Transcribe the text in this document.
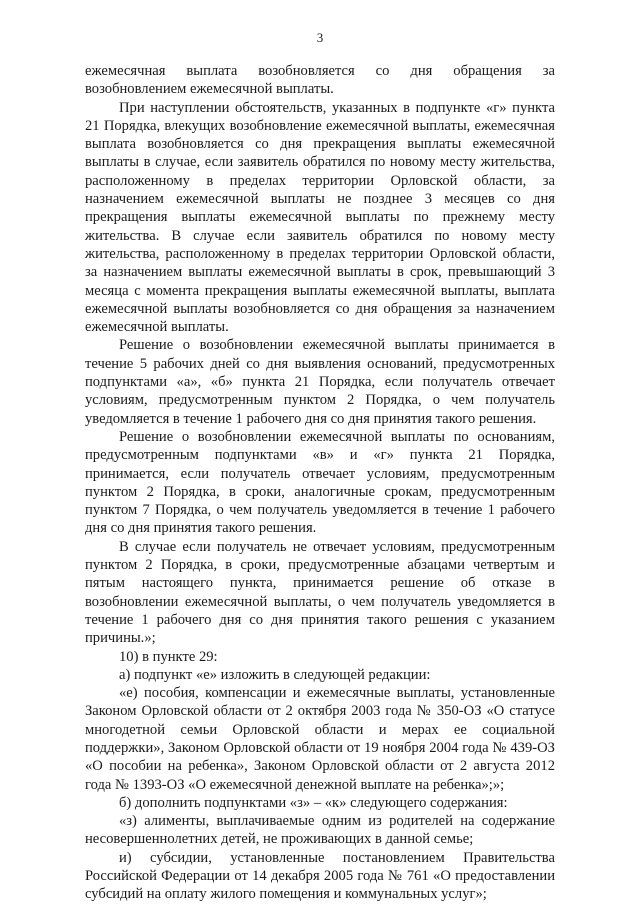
3

ежемесячная выплата возобновляется со дня обращения за возобновлением ежемесячной выплаты.

При наступлении обстоятельств, указанных в подпункте «г» пункта 21 Порядка, влекущих возобновление ежемесячной выплаты, ежемесячная выплата возобновляется со дня прекращения выплаты ежемесячной выплаты в случае, если заявитель обратился по новому месту жительства, расположенному в пределах территории Орловской области, за назначением ежемесячной выплаты не позднее 3 месяцев со дня прекращения выплаты ежемесячной выплаты по прежнему месту жительства. В случае если заявитель обратился по новому месту жительства, расположенному в пределах территории Орловской области, за назначением выплаты ежемесячной выплаты в срок, превышающий 3 месяца с момента прекращения выплаты ежемесячной выплаты, выплата ежемесячной выплаты возобновляется со дня обращения за назначением ежемесячной выплаты.

Решение о возобновлении ежемесячной выплаты принимается в течение 5 рабочих дней со дня выявления оснований, предусмотренных подпунктами «а», «б» пункта 21 Порядка, если получатель отвечает условиям, предусмотренным пунктом 2 Порядка, о чем получатель уведомляется в течение 1 рабочего дня со дня принятия такого решения.

Решение о возобновлении ежемесячной выплаты по основаниям, предусмотренным подпунктами «в» и «г» пункта 21 Порядка, принимается, если получатель отвечает условиям, предусмотренным пунктом 2 Порядка, в сроки, аналогичные срокам, предусмотренным пунктом 7 Порядка, о чем получатель уведомляется в течение 1 рабочего дня со дня принятия такого решения.

В случае если получатель не отвечает условиям, предусмотренным пунктом 2 Порядка, в сроки, предусмотренные абзацами четвертым и пятым настоящего пункта, принимается решение об отказе в возобновлении ежемесячной выплаты, о чем получатель уведомляется в течение 1 рабочего дня со дня принятия такого решения с указанием причины.»;

10) в пункте 29:

а) подпункт «е» изложить в следующей редакции:

«е) пособия, компенсации и ежемесячные выплаты, установленные Законом Орловской области от 2 октября 2003 года № 350-ОЗ «О статусе многодетной семьи Орловской области и мерах ее социальной поддержки», Законом Орловской области от 19 ноября 2004 года № 439-ОЗ «О пособии на ребенка», Законом Орловской области от 2 августа 2012 года № 1393-ОЗ «О ежемесячной денежной выплате на ребенка»;»;

б) дополнить подпунктами «з» – «к» следующего содержания:

«з) алименты, выплачиваемые одним из родителей на содержание несовершеннолетних детей, не проживающих в данной семье;

и) субсидии, установленные постановлением Правительства Российской Федерации от 14 декабря 2005 года № 761 «О предоставлении субсидий на оплату жилого помещения и коммунальных услуг»;
